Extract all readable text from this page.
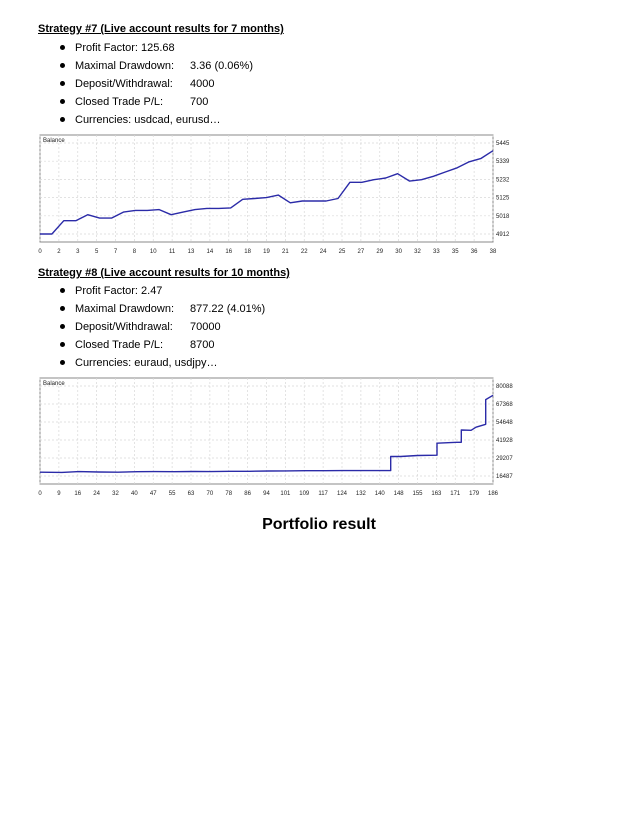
Strategy #7 (Live account results for 7 months)

Profit Factor: 125.68
Maximal Drawdown: 3.36 (0.06%)
Deposit/Withdrawal: 4000
Closed Trade P/L: 700
Currencies: usdcad, eurusd…
0	2	3	5	7	8 10 11 13 14 16 18 19 21 22 24 25 27 29 30 32 33 35 36 38
5445
5339
5232
5125
5018
4912
Balance

Strategy #8 (Live account results for 10 months)

Profit Factor: 2.47
Maximal Drawdown: 877.22 (4.01%)
Deposit/Withdrawal: 70000
Closed Trade P/L: 8700
Currencies: euraud, usdjpy…
0	9 16 24 32 40 47 55 63 70 78 86 94 101 109 117 124 132 140 148 155 163 171 179 186
80088
67368
54648
41928
29207
16487
Balance

Portfolio result
